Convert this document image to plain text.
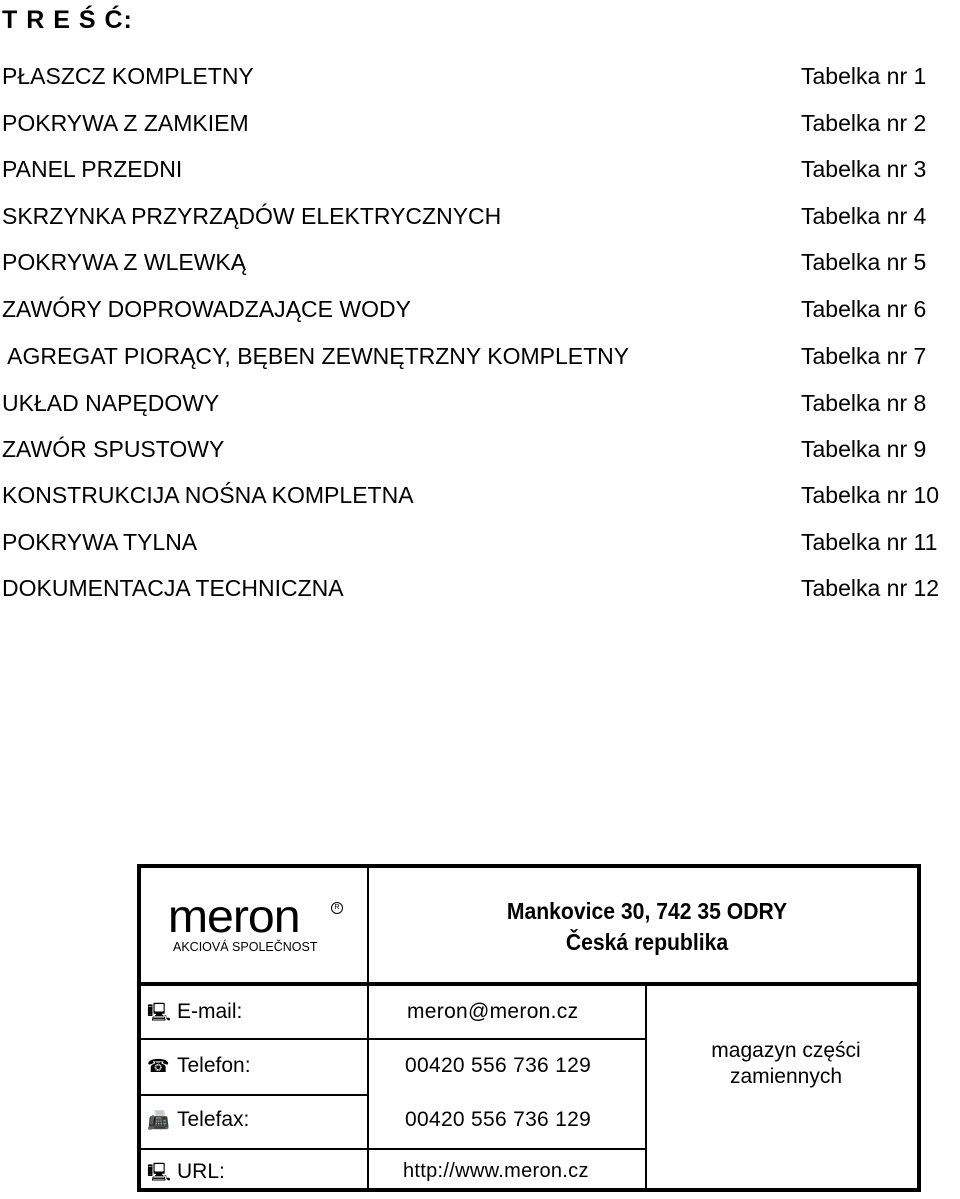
T R E Ś Ć:
PŁASZCZ KOMPLETNY	Tabelka nr 1
POKRYWA Z ZAMKIEM	Tabelka nr 2
PANEL PRZEDNI	Tabelka nr 3
SKRZYNKA PRZYRZĄDÓW ELEKTRYCZNYCH	Tabelka nr 4
POKRYWA Z WLEWKĄ	Tabelka nr 5
ZAWÓRY DOPROWADZAJĄCE WODY	Tabelka nr 6
AGREGAT PIORĄCY, BĘBEN ZEWNĘTRZNY KOMPLETNY	Tabelka nr 7
UKŁAD NAPĘDOWY	Tabelka nr 8
ZAWÓR SPUSTOWY	Tabelka nr 9
KONSTRUKCIJA NOŚNA KOMPLETNA	Tabelka nr 10
POKRYWA TYLNA	Tabelka nr 11
DOKUMENTACJA TECHNICZNA	Tabelka nr 12
meron	R
AKCIOVÁ SPOLEČNOST
Mankovice 30, 742 35 ODRY
Česká republika
🖳 E-mail:	meron@meron.cz
☎ Telefon:	00420 556 736 129
📠 Telefax:	00420 556 736 129
🖳 URL:	http://www.meron.cz
magazyn części
zamiennych
